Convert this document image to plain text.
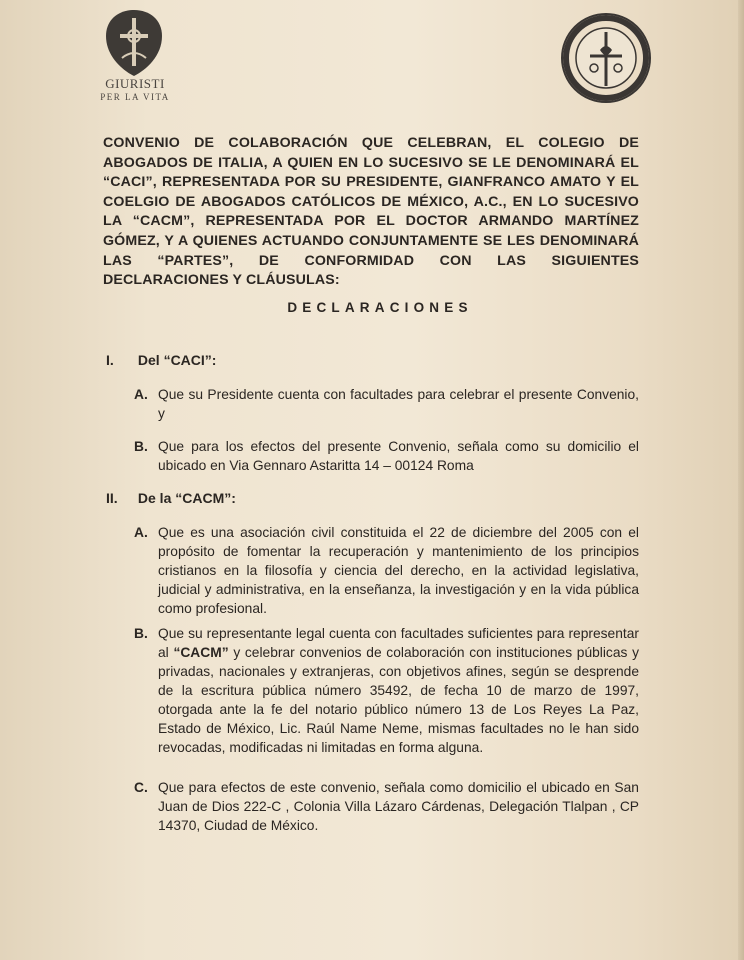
GIURISTI
PER LA VITA

CONVENIO DE COLABORACIÓN QUE CELEBRAN, EL COLEGIO DE ABOGADOS DE ITALIA, A QUIEN EN LO SUCESIVO SE LE DENOMINARÁ EL “CACI”, REPRESENTADA POR SU PRESIDENTE, GIANFRANCO AMATO Y EL COELGIO DE ABOGADOS CATÓLICOS DE MÉXICO, A.C., EN LO SUCESIVO LA “CACM”, REPRESENTADA POR EL DOCTOR ARMANDO MARTÍNEZ GÓMEZ, Y A QUIENES ACTUANDO CONJUNTAMENTE SE LES DENOMINARÁ LAS “PARTES”, DE CONFORMIDAD CON LAS SIGUIENTES DECLARACIONES Y CLÁUSULAS:

DECLARACIONES
I. Del “CACI”:
A. Que su Presidente cuenta con facultades para celebrar el presente Convenio, y
B. Que para los efectos del presente Convenio, señala como su domicilio el ubicado en Via Gennaro Astaritta 14 – 00124 Roma
II. De la “CACM”:
A. Que es una asociación civil constituida el 22 de diciembre del 2005 con el propósito de fomentar la recuperación y mantenimiento de los principios cristianos en la filosofía y ciencia del derecho, en la actividad legislativa, judicial y administrativa, en la enseñanza, la investigación y en la vida pública como profesional.
B. Que su representante legal cuenta con facultades suficientes para representar al “CACM” y celebrar convenios de colaboración con instituciones públicas y privadas, nacionales y extranjeras, con objetivos afines, según se desprende de la escritura pública número 35492, de fecha 10 de marzo de 1997, otorgada ante la fe del notario público número 13 de Los Reyes La Paz, Estado de México, Lic. Raúl Name Neme, mismas facultades no le han sido revocadas, modificadas ni limitadas en forma alguna.
C. Que para efectos de este convenio, señala como domicilio el ubicado en San Juan de Dios 222-C , Colonia Villa Lázaro Cárdenas, Delegación Tlalpan , CP 14370, Ciudad de México.
